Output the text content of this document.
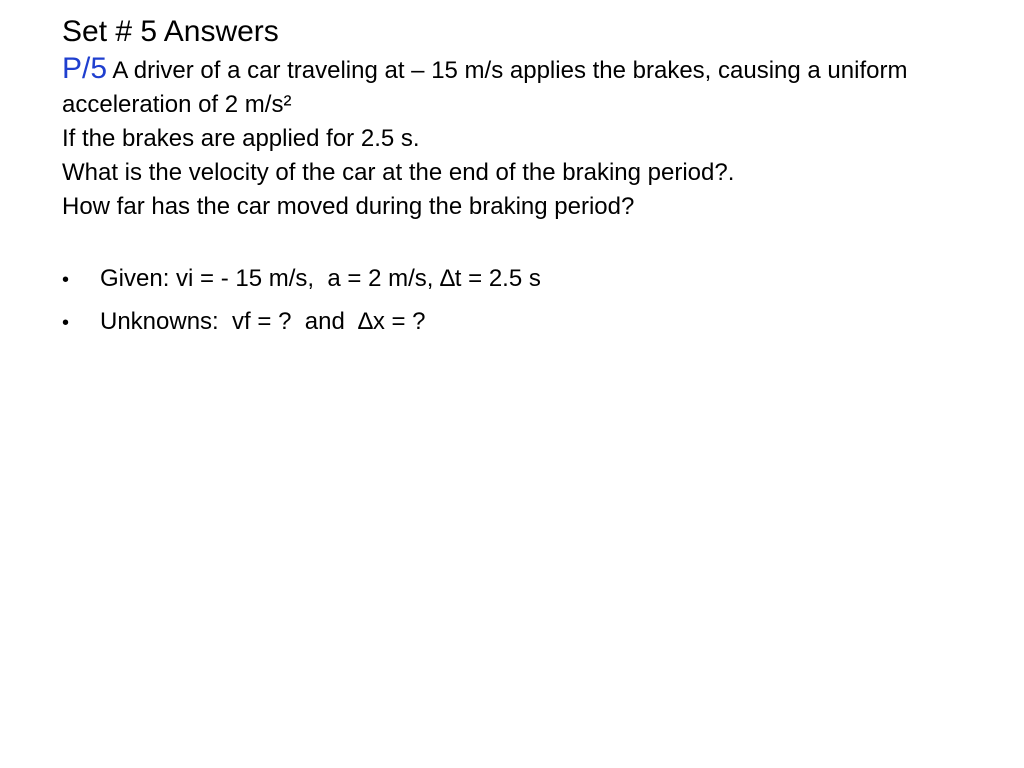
Set # 5 Answers

P/5 A driver of a car traveling at – 15 m/s applies the brakes, causing a uniform acceleration of 2 m/s²

If the brakes are applied for 2.5 s.

What is the velocity of the car at the end of the braking period?.

How far has the car moved during the braking period?

•	Given: vi = - 15 m/s,  a = 2 m/s, ∆t = 2.5 s
•	Unknowns:  vf = ?  and  ∆x = ?
